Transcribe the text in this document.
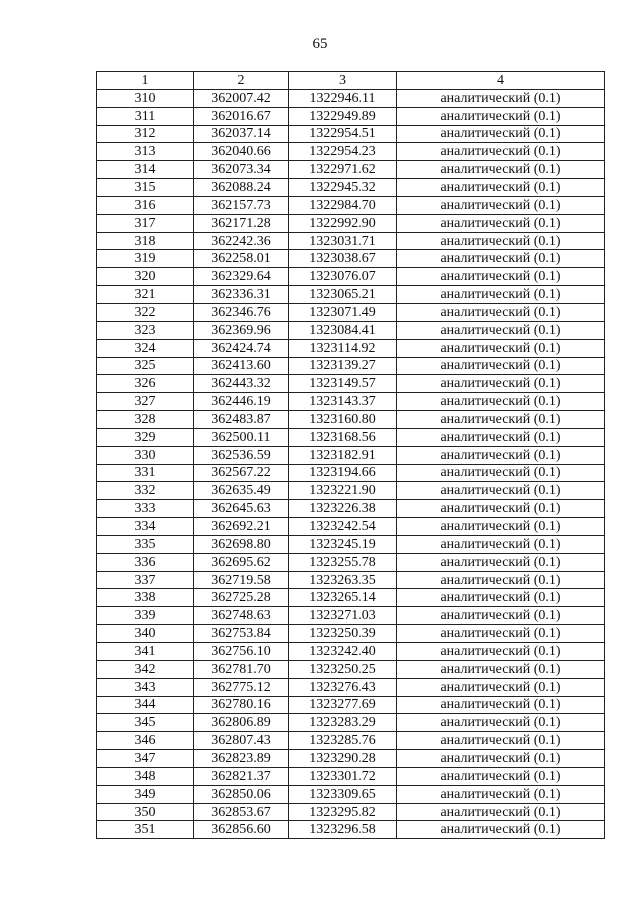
65
1	2	3	4
310	362007.42	1322946.11	аналитический (0.1)
311	362016.67	1322949.89	аналитический (0.1)
312	362037.14	1322954.51	аналитический (0.1)
313	362040.66	1322954.23	аналитический (0.1)
314	362073.34	1322971.62	аналитический (0.1)
315	362088.24	1322945.32	аналитический (0.1)
316	362157.73	1322984.70	аналитический (0.1)
317	362171.28	1322992.90	аналитический (0.1)
318	362242.36	1323031.71	аналитический (0.1)
319	362258.01	1323038.67	аналитический (0.1)
320	362329.64	1323076.07	аналитический (0.1)
321	362336.31	1323065.21	аналитический (0.1)
322	362346.76	1323071.49	аналитический (0.1)
323	362369.96	1323084.41	аналитический (0.1)
324	362424.74	1323114.92	аналитический (0.1)
325	362413.60	1323139.27	аналитический (0.1)
326	362443.32	1323149.57	аналитический (0.1)
327	362446.19	1323143.37	аналитический (0.1)
328	362483.87	1323160.80	аналитический (0.1)
329	362500.11	1323168.56	аналитический (0.1)
330	362536.59	1323182.91	аналитический (0.1)
331	362567.22	1323194.66	аналитический (0.1)
332	362635.49	1323221.90	аналитический (0.1)
333	362645.63	1323226.38	аналитический (0.1)
334	362692.21	1323242.54	аналитический (0.1)
335	362698.80	1323245.19	аналитический (0.1)
336	362695.62	1323255.78	аналитический (0.1)
337	362719.58	1323263.35	аналитический (0.1)
338	362725.28	1323265.14	аналитический (0.1)
339	362748.63	1323271.03	аналитический (0.1)
340	362753.84	1323250.39	аналитический (0.1)
341	362756.10	1323242.40	аналитический (0.1)
342	362781.70	1323250.25	аналитический (0.1)
343	362775.12	1323276.43	аналитический (0.1)
344	362780.16	1323277.69	аналитический (0.1)
345	362806.89	1323283.29	аналитический (0.1)
346	362807.43	1323285.76	аналитический (0.1)
347	362823.89	1323290.28	аналитический (0.1)
348	362821.37	1323301.72	аналитический (0.1)
349	362850.06	1323309.65	аналитический (0.1)
350	362853.67	1323295.82	аналитический (0.1)
351	362856.60	1323296.58	аналитический (0.1)
